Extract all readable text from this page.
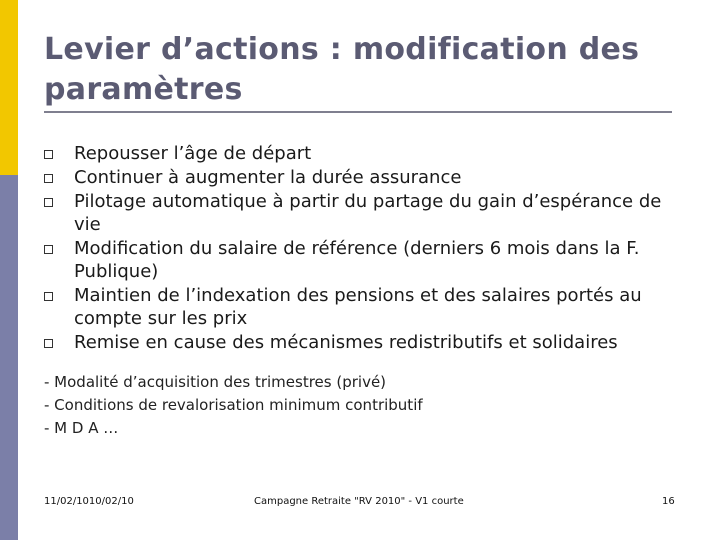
Levier d’actions : modification des paramètres
Repousser l’âge de départ
Continuer à augmenter la durée assurance
Pilotage automatique à partir du partage du gain d’espérance de vie
Modification du salaire de référence (derniers 6 mois dans la F. Publique)
Maintien de l’indexation des pensions et des salaires portés au compte sur les prix
Remise en cause des mécanismes redistributifs et solidaires
- Modalité d’acquisition des trimestres (privé)
- Conditions de revalorisation minimum contributif
- M D A …
11/02/1010/02/10	Campagne Retraite "RV 2010" - V1 courte	16
